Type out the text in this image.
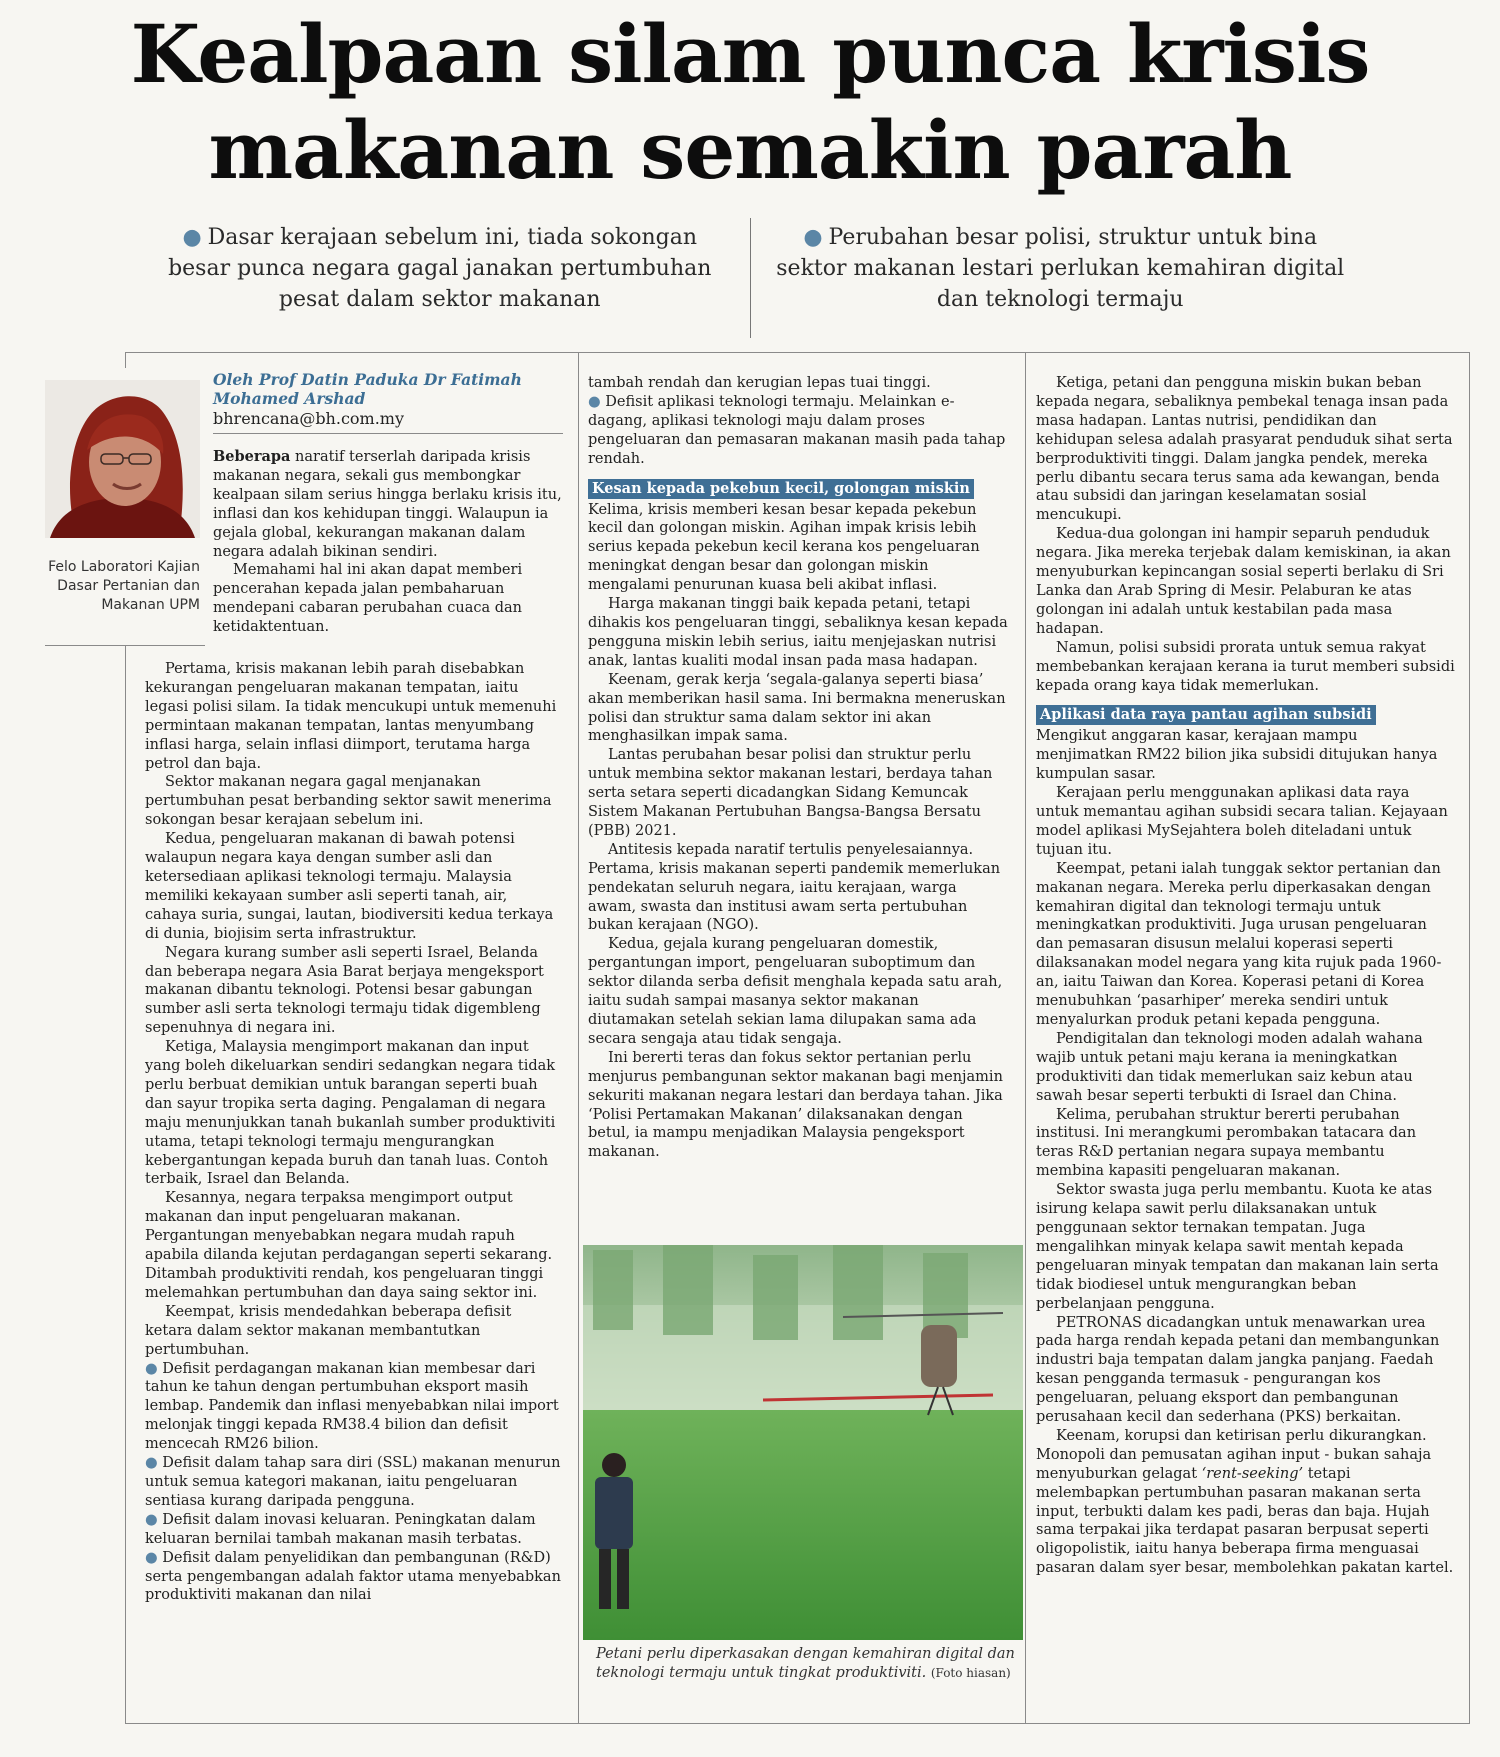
Kealpaan silam punca krisis
makanan semakin parah
● Dasar kerajaan sebelum ini, tiada sokongan besar punca negara gagal janakan pertumbuhan pesat dalam sektor makanan
● Perubahan besar polisi, struktur untuk bina sektor makanan lestari perlukan kemahiran digital dan teknologi termaju
Felo Laboratori Kajian Dasar Pertanian dan Makanan UPM
Oleh Prof Datin Paduka Dr Fatimah Mohamed Arshad
bhrencana@bh.com.my

Beberapa naratif terserlah daripada krisis makanan negara, sekali gus membongkar kealpaan silam serius hingga berlaku krisis itu, inflasi dan kos kehidupan tinggi. Walaupun ia gejala global, kekurangan makanan dalam negara adalah bikinan sendiri.

Memahami hal ini akan dapat memberi pencerahan kepada jalan pembaharuan mendepani cabaran perubahan cuaca dan ketidaktentuan.

Pertama, krisis makanan lebih parah disebabkan kekurangan pengeluaran makanan tempatan, iaitu legasi polisi silam. Ia tidak mencukupi untuk memenuhi permintaan makanan tempatan, lantas menyumbang inflasi harga, selain inflasi diimport, terutama harga petrol dan baja.

Sektor makanan negara gagal menjanakan pertumbuhan pesat berbanding sektor sawit menerima sokongan besar kerajaan sebelum ini.

Kedua, pengeluaran makanan di bawah potensi walaupun negara kaya dengan sumber asli dan ketersediaan aplikasi teknologi termaju. Malaysia memiliki kekayaan sumber asli seperti tanah, air, cahaya suria, sungai, lautan, biodiversiti kedua terkaya di dunia, biojisim serta infrastruktur.

Negara kurang sumber asli seperti Israel, Belanda dan beberapa negara Asia Barat berjaya mengeksport makanan dibantu teknologi. Potensi besar gabungan sumber asli serta teknologi termaju tidak digembleng sepenuhnya di negara ini.

Ketiga, Malaysia mengimport makanan dan input yang boleh dikeluarkan sendiri sedangkan negara tidak perlu berbuat demikian untuk barangan seperti buah dan sayur tropika serta daging. Pengalaman di negara maju menunjukkan tanah bukanlah sumber produktiviti utama, tetapi teknologi termaju mengurangkan kebergantungan kepada buruh dan tanah luas. Contoh terbaik, Israel dan Belanda.

Kesannya, negara terpaksa mengimport output makanan dan input pengeluaran makanan. Pergantungan menyebabkan negara mudah rapuh apabila dilanda kejutan perdagangan seperti sekarang. Ditambah produktiviti rendah, kos pengeluaran tinggi melemahkan pertumbuhan dan daya saing sektor ini.

Keempat, krisis mendedahkan beberapa defisit ketara dalam sektor makanan membantutkan pertumbuhan.

● Defisit perdagangan makanan kian membesar dari tahun ke tahun dengan pertumbuhan eksport masih lembap. Pandemik dan inflasi menyebabkan nilai import melonjak tinggi kepada RM38.4 bilion dan defisit mencecah RM26 bilion.

● Defisit dalam tahap sara diri (SSL) makanan menurun untuk semua kategori makanan, iaitu pengeluaran sentiasa kurang daripada pengguna.

● Defisit dalam inovasi keluaran. Peningkatan dalam keluaran bernilai tambah makanan masih terbatas.

● Defisit dalam penyelidikan dan pembangunan (R&D) serta pengembangan adalah faktor utama menyebabkan produktiviti makanan dan nilai

tambah rendah dan kerugian lepas tuai tinggi.

● Defisit aplikasi teknologi termaju. Melainkan e-dagang, aplikasi teknologi maju dalam proses pengeluaran dan pemasaran makanan masih pada tahap rendah.

Kesan kepada pekebun kecil, golongan miskin

Kelima, krisis memberi kesan besar kepada pekebun kecil dan golongan miskin. Agihan impak krisis lebih serius kepada pekebun kecil kerana kos pengeluaran meningkat dengan besar dan golongan miskin mengalami penurunan kuasa beli akibat inflasi.

Harga makanan tinggi baik kepada petani, tetapi dihakis kos pengeluaran tinggi, sebaliknya kesan kepada pengguna miskin lebih serius, iaitu menjejaskan nutrisi anak, lantas kualiti modal insan pada masa hadapan.

Keenam, gerak kerja ‘segala-galanya seperti biasa’ akan memberikan hasil sama. Ini bermakna meneruskan polisi dan struktur sama dalam sektor ini akan menghasilkan impak sama.

Lantas perubahan besar polisi dan struktur perlu untuk membina sektor makanan lestari, berdaya tahan serta setara seperti dicadangkan Sidang Kemuncak Sistem Makanan Pertubuhan Bangsa-Bangsa Bersatu (PBB) 2021.

Antitesis kepada naratif tertulis penyelesaiannya. Pertama, krisis makanan seperti pandemik memerlukan pendekatan seluruh negara, iaitu kerajaan, warga awam, swasta dan institusi awam serta pertubuhan bukan kerajaan (NGO).

Kedua, gejala kurang pengeluaran domestik, pergantungan import, pengeluaran suboptimum dan sektor dilanda serba defisit menghala kepada satu arah, iaitu sudah sampai masanya sektor makanan diutamakan setelah sekian lama dilupakan sama ada secara sengaja atau tidak sengaja.

Ini bererti teras dan fokus sektor pertanian perlu menjurus pembangunan sektor makanan bagi menjamin sekuriti makanan negara lestari dan berdaya tahan. Jika ‘Polisi Pertamakan Makanan’ dilaksanakan dengan betul, ia mampu menjadikan Malaysia pengeksport makanan.

Petani perlu diperkasakan dengan kemahiran digital dan teknologi termaju untuk tingkat produktiviti. (Foto hiasan)

Ketiga, petani dan pengguna miskin bukan beban kepada negara, sebaliknya pembekal tenaga insan pada masa hadapan. Lantas nutrisi, pendidikan dan kehidupan selesa adalah prasyarat penduduk sihat serta berproduktiviti tinggi. Dalam jangka pendek, mereka perlu dibantu secara terus sama ada kewangan, benda atau subsidi dan jaringan keselamatan sosial mencukupi.

Kedua-dua golongan ini hampir separuh penduduk negara. Jika mereka terjebak dalam kemiskinan, ia akan menyuburkan kepincangan sosial seperti berlaku di Sri Lanka dan Arab Spring di Mesir. Pelaburan ke atas golongan ini adalah untuk kestabilan pada masa hadapan.

Namun, polisi subsidi prorata untuk semua rakyat membebankan kerajaan kerana ia turut memberi subsidi kepada orang kaya tidak memerlukan.

Aplikasi data raya pantau agihan subsidi

Mengikut anggaran kasar, kerajaan mampu menjimatkan RM22 bilion jika subsidi ditujukan hanya kumpulan sasar.

Kerajaan perlu menggunakan aplikasi data raya untuk memantau agihan subsidi secara talian. Kejayaan model aplikasi MySejahtera boleh diteladani untuk tujuan itu.

Keempat, petani ialah tunggak sektor pertanian dan makanan negara. Mereka perlu diperkasakan dengan kemahiran digital dan teknologi termaju untuk meningkatkan produktiviti. Juga urusan pengeluaran dan pemasaran disusun melalui koperasi seperti dilaksanakan model negara yang kita rujuk pada 1960-an, iaitu Taiwan dan Korea. Koperasi petani di Korea menubuhkan ‘pasarhiper’ mereka sendiri untuk menyalurkan produk petani kepada pengguna.

Pendigitalan dan teknologi moden adalah wahana wajib untuk petani maju kerana ia meningkatkan produktiviti dan tidak memerlukan saiz kebun atau sawah besar seperti terbukti di Israel dan China.

Kelima, perubahan struktur bererti perubahan institusi. Ini merangkumi perombakan tatacara dan teras R&D pertanian negara supaya membantu membina kapasiti pengeluaran makanan.

Sektor swasta juga perlu membantu. Kuota ke atas isirung kelapa sawit perlu dilaksanakan untuk penggunaan sektor ternakan tempatan. Juga mengalihkan minyak kelapa sawit mentah kepada pengeluaran minyak tempatan dan makanan lain serta tidak biodiesel untuk mengurangkan beban perbelanjaan pengguna.

PETRONAS dicadangkan untuk menawarkan urea pada harga rendah kepada petani dan membangunkan industri baja tempatan dalam jangka panjang. Faedah kesan pengganda termasuk - pengurangan kos pengeluaran, peluang eksport dan pembangunan perusahaan kecil dan sederhana (PKS) berkaitan.

Keenam, korupsi dan ketirisan perlu dikurangkan. Monopoli dan pemusatan agihan input - bukan sahaja menyuburkan gelagat ‘rent-seeking’ tetapi melembapkan pertumbuhan pasaran makanan serta input, terbukti dalam kes padi, beras dan baja. Hujah sama terpakai jika terdapat pasaran berpusat seperti oligopolistik, iaitu hanya beberapa firma menguasai pasaran dalam syer besar, membolehkan pakatan kartel.
